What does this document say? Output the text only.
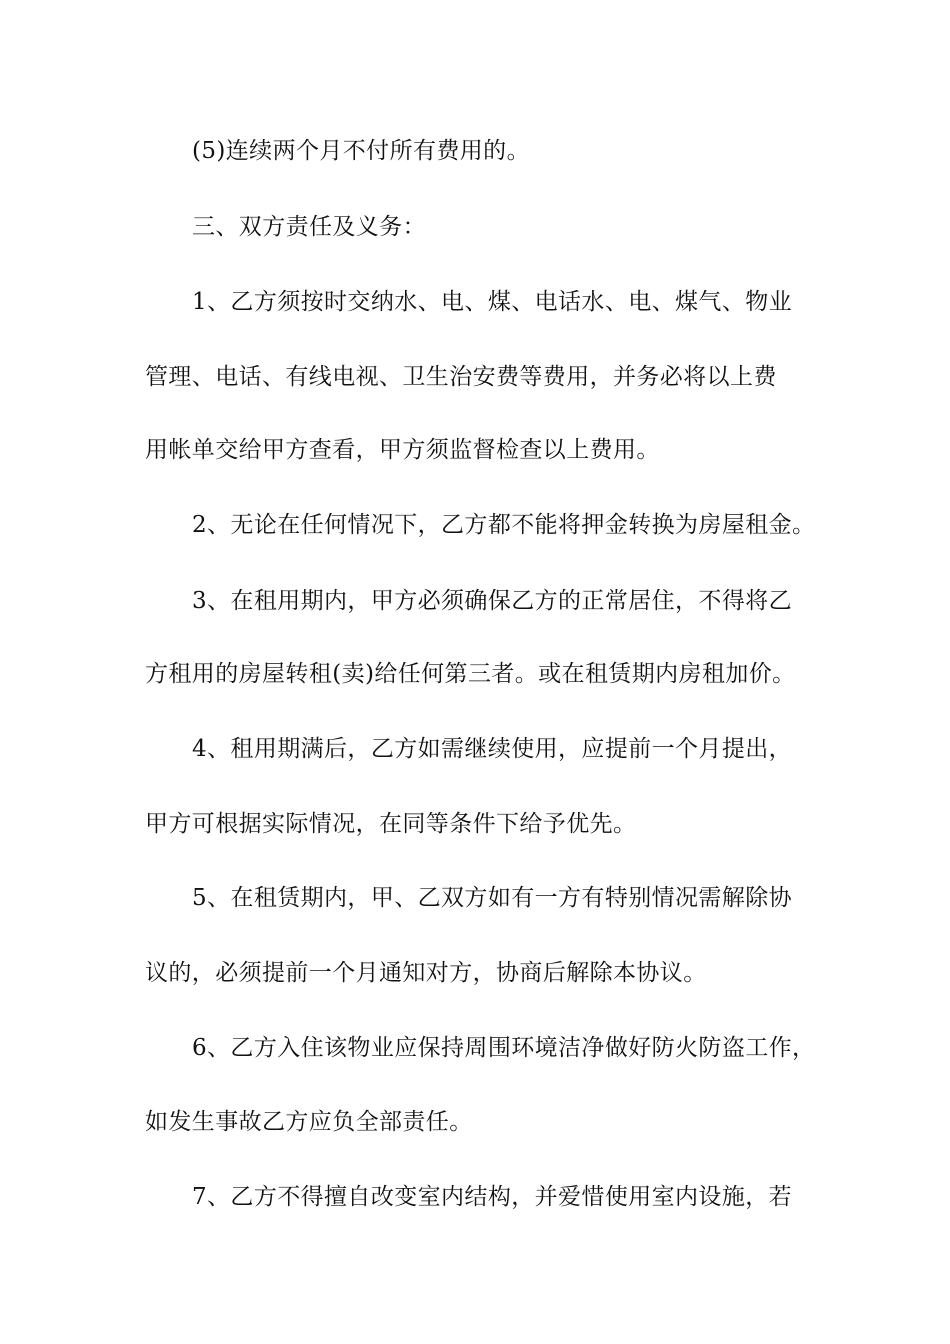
(5)连续两个月不付所有费用的。
三、双方责任及义务：
1、乙方须按时交纳水、电、煤、电话水、电、煤气、物业
管理、电话、有线电视、卫生治安费等费用，并务必将以上费
用帐单交给甲方查看，甲方须监督检查以上费用。
2、无论在任何情况下，乙方都不能将押金转换为房屋租金。
3、在租用期内，甲方必须确保乙方的正常居住，不得将乙
方租用的房屋转租(卖)给任何第三者。或在租赁期内房租加价。
4、租用期满后，乙方如需继续使用，应提前一个月提出，
甲方可根据实际情况，在同等条件下给予优先。
5、在租赁期内，甲、乙双方如有一方有特别情况需解除协
议的，必须提前一个月通知对方，协商后解除本协议。
6、乙方入住该物业应保持周围环境洁净做好防火防盗工作，
如发生事故乙方应负全部责任。
7、乙方不得擅自改变室内结构，并爱惜使用室内设施，若
